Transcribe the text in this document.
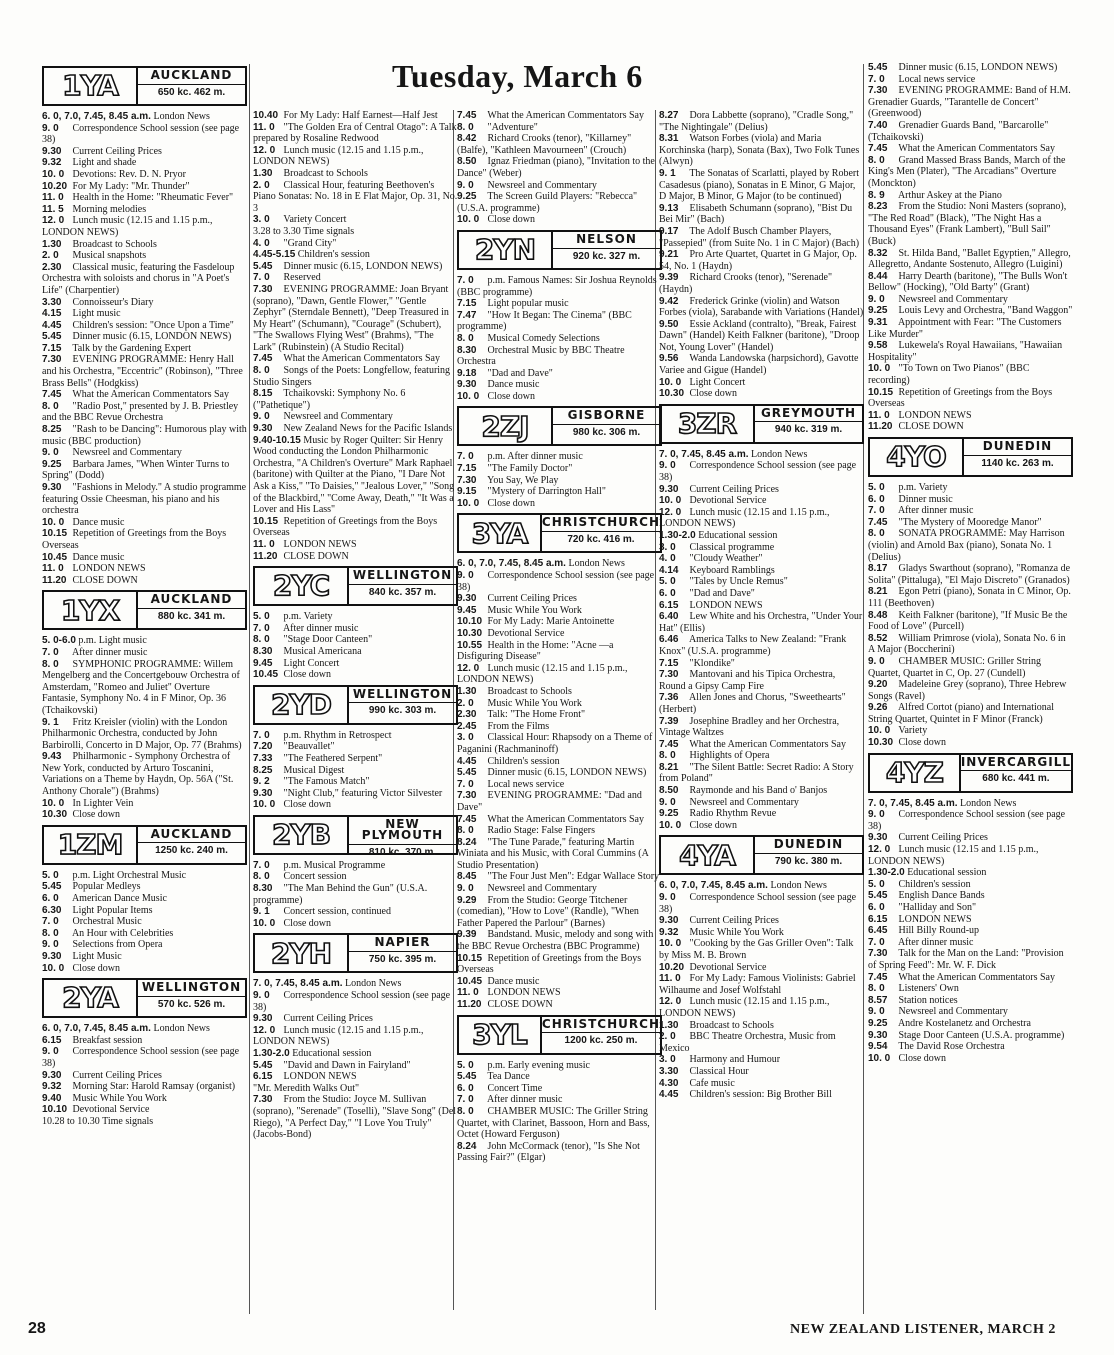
Tuesday, March 6
1YA	AUCKLAND
650 kc. 462 m.
6. 0, 7.0, 7.45, 8.45 a.m. London News
9. 0 Correspondence School session (see page 38)
9.30 Current Ceiling Prices
9.32 Light and shade
10. 0 Devotions: Rev. D. N. Pryor
10.20 For My Lady: "Mr. Thunder"
11. 0 Health in the Home: "Rheumatic Fever"
11. 5 Morning melodies
12. 0 Lunch music (12.15 and 1.15 p.m., LONDON NEWS)
1.30 Broadcast to Schools
2. 0 Musical snapshots
2.30 Classical music, featuring the Fasdeloup Orchestra with soloists and chorus in "A Poet's Life" (Charpentier)
3.30 Connoisseur's Diary
4.15 Light music
4.45 Children's session: "Once Upon a Time"
5.45 Dinner music (6.15, LONDON NEWS)
7.15 Talk by the Gardening Expert
7.30 EVENING PROGRAMME: Henry Hall and his Orchestra, "Eccentric" (Robinson), "Three Brass Bells" (Hodgkiss)
7.45 What the American Commentators Say
8. 0 "Radio Post," presented by J. B. Priestley and the BBC Revue Orchestra
8.25 "Rash to be Dancing": Humorous play with music (BBC production)
9. 0 Newsreel and Commentary
9.25 Barbara James, "When Winter Turns to Spring" (Dodd)
9.30 "Fashions in Melody." A studio programme featuring Ossie Cheesman, his piano and his orchestra
10. 0 Dance music
10.15 Repetition of Greetings from the Boys Overseas
10.45 Dance music
11. 0 LONDON NEWS
11.20 CLOSE DOWN
1YX	AUCKLAND
880 kc. 341 m.
5. 0-6.0 p.m. Light music
7. 0 After dinner music
8. 0 SYMPHONIC PROGRAMME: Willem Mengelberg and the Concertgebouw Orchestra of Amsterdam, "Romeo and Juliet" Overture Fantasie, Symphony No. 4 in F Minor, Op. 36 (Tchaikovski)
9. 1 Fritz Kreisler (violin) with the London Philharmonic Orchestra, conducted by John Barbirolli, Concerto in D Major, Op. 77 (Brahms)
9.43 Philharmonic - Symphony Orchestra of New York, conducted by Arturo Toscanini, Variations on a Theme by Haydn, Op. 56A ("St. Anthony Chorale") (Brahms)
10. 0 In Lighter Vein
10.30 Close down
1ZM	AUCKLAND
1250 kc. 240 m.
5. 0 p.m. Light Orchestral Music
5.45 Popular Medleys
6. 0 American Dance Music
6.30 Light Popular Items
7. 0 Orchestral Music
8. 0 An Hour with Celebrities
9. 0 Selections from Opera
9.30 Light Music
10. 0 Close down
2YA	WELLINGTON
570 kc. 526 m.
6. 0, 7.0, 7.45, 8.45 a.m. London News
6.15 Breakfast session
9. 0 Correspondence School session (see page 38)
9.30 Current Ceiling Prices
9.32 Morning Star: Harold Ramsay (organist)
9.40 Music While You Work
10.10 Devotional Service
10.28 to 10.30 Time signals
10.40 For My Lady: Half Earnest—Half Jest
11. 0 "The Golden Era of Central Otago": A Talk prepared by Rosaline Redwood
12. 0 Lunch music (12.15 and 1.15 p.m., LONDON NEWS)
1.30 Broadcast to Schools
2. 0 Classical Hour, featuring Beethoven's Piano Sonatas: No. 18 in E Flat Major, Op. 31, No. 3
3. 0 Variety Concert
3.28 to 3.30 Time signals
4. 0 "Grand City"
4.45-5.15 Children's session
5.45 Dinner music (6.15, LONDON NEWS)
7. 0 Reserved
7.30 EVENING PROGRAMME: Joan Bryant (soprano), "Dawn, Gentle Flower," "Gentle Zephyr" (Sterndale Bennett), "Deep Treasured in My Heart" (Schumann), "Courage" (Schubert), "The Swallows Flying West" (Brahms), "The Lark" (Rubinstein) (A Studio Recital)
7.45 What the American Commentators Say
8. 0 Songs of the Poets: Longfellow, featuring Studio Singers
8.15 Tchaikovski: Symphony No. 6 ("Pathetique")
9. 0 Newsreel and Commentary
9.30 New Zealand News for the Pacific Islands
9.40-10.15 Music by Roger Quilter: Sir Henry Wood conducting the London Philharmonic Orchestra, "A Children's Overture" Mark Raphael (baritone) with Quilter at the Piano, "I Dare Not Ask a Kiss," "To Daisies," "Jealous Lover," "Song of the Blackbird," "Come Away, Death," "It Was a Lover and His Lass"
10.15 Repetition of Greetings from the Boys Overseas
11. 0 LONDON NEWS
11.20 CLOSE DOWN
2YC	WELLINGTON
840 kc. 357 m.
5. 0 p.m. Variety
7. 0 After dinner music
8. 0 "Stage Door Canteen"
8.30 Musical Americana
9.45 Light Concert
10.45 Close down
2YD	WELLINGTON
990 kc. 303 m.
7. 0 p.m. Rhythm in Retrospect
7.20 "Beauvallet"
7.33 "The Feathered Serpent"
8.25 Musical Digest
9. 2 "The Famous Match"
9.30 "Night Club," featuring Victor Silvester
10. 0 Close down
2YB	NEW PLYMOUTH
810 kc. 370 m.
7. 0 p.m. Musical Programme
8. 0 Concert session
8.30 "The Man Behind the Gun" (U.S.A. programme)
9. 1 Concert session, continued
10. 0 Close down
2YH	NAPIER
750 kc. 395 m.
7. 0, 7.45, 8.45 a.m. London News
9. 0 Correspondence School session (see page 38)
9.30 Current Ceiling Prices
12. 0 Lunch music (12.15 and 1.15 p.m., LONDON NEWS)
1.30-2.0 Educational session
5.45 "David and Dawn in Fairyland"
6.15 LONDON NEWS
"Mr. Meredith Walks Out"
7.30 From the Studio: Joyce M. Sullivan (soprano), "Serenade" (Toselli), "Slave Song" (Del Riego), "A Perfect Day," "I Love You Truly" (Jacobs-Bond)
7.45 What the American Commentators Say
8. 0 "Adventure"
8.42 Richard Crooks (tenor), "Killarney" (Balfe), "Kathleen Mavourneen" (Crouch)
8.50 Ignaz Friedman (piano), "Invitation to the Dance" (Weber)
9. 0 Newsreel and Commentary
9.25 The Screen Guild Players: "Rebecca" (U.S.A. programme)
10. 0 Close down
2YN	NELSON
920 kc. 327 m.
7. 0 p.m. Famous Names: Sir Joshua Reynolds (BBC programme)
7.15 Light popular music
7.47 "How It Began: The Cinema" (BBC programme)
8. 0 Musical Comedy Selections
8.30 Orchestral Music by BBC Theatre Orchestra
9.18 "Dad and Dave"
9.30 Dance music
10. 0 Close down
2ZJ	GISBORNE
980 kc. 306 m.
7. 0 p.m. After dinner music
7.15 "The Family Doctor"
7.30 You Say, We Play
9.15 "Mystery of Darrington Hall"
10. 0 Close down
3YA	CHRISTCHURCH
720 kc. 416 m.
6. 0, 7.0, 7.45, 8.45 a.m. London News
9. 0 Correspondence School session (see page 38)
9.30 Current Ceiling Prices
9.45 Music While You Work
10.10 For My Lady: Marie Antoinette
10.30 Devotional Service
10.55 Health in the Home: "Acne —a Disfiguring Disease"
12. 0 Lunch music (12.15 and 1.15 p.m., LONDON NEWS)
1.30 Broadcast to Schools
2. 0 Music While You Work
2.30 Talk: "The Home Front"
2.45 From the Films
3. 0 Classical Hour: Rhapsody on a Theme of Paganini (Rachmaninoff)
4.45 Children's session
5.45 Dinner music (6.15, LONDON NEWS)
7. 0 Local news service
7.30 EVENING PROGRAMME: "Dad and Dave"
7.45 What the American Commentators Say
8. 0 Radio Stage: False Fingers
8.24 "The Tune Parade," featuring Martin Winiata and his Music, with Coral Cummins (A Studio Presentation)
8.45 "The Four Just Men": Edgar Wallace Story
9. 0 Newsreel and Commentary
9.29 From the Studio: George Titchener (comedian), "How to Love" (Randle), "When Father Papered the Parlour" (Barnes)
9.39 Bandstand. Music, melody and song with the BBC Revue Orchestra (BBC Programme)
10.15 Repetition of Greetings from the Boys Overseas
10.45 Dance music
11. 0 LONDON NEWS
11.20 CLOSE DOWN
3YL	CHRISTCHURCH
1200 kc. 250 m.
5. 0 p.m. Early evening music
5.45 Tea Dance
6. 0 Concert Time
7. 0 After dinner music
8. 0 CHAMBER MUSIC: The Griller String Quartet, with Clarinet, Bassoon, Horn and Bass, Octet (Howard Ferguson)
8.24 John McCormack (tenor), "Is She Not Passing Fair?" (Elgar)
8.27 Dora Labbette (soprano), "Cradle Song," "The Nightingale" (Delius)
8.31 Watson Forbes (viola) and Maria Korchinska (harp), Sonata (Bax), Two Folk Tunes (Alwyn)
9. 1 The Sonatas of Scarlatti, played by Robert Casadesus (piano), Sonatas in E Minor, G Major, D Major, B Minor, G Major (to be continued)
9.13 Elisabeth Schumann (soprano), "Bist Du Bei Mir" (Bach)
9.17 The Adolf Busch Chamber Players, "Passepied" (from Suite No. 1 in C Major) (Bach)
9.21 Pro Arte Quartet, Quartet in G Major, Op. 54, No. 1 (Haydn)
9.39 Richard Crooks (tenor), "Serenade" (Haydn)
9.42 Frederick Grinke (violin) and Watson Forbes (viola), Sarabande with Variations (Handel)
9.50 Essie Ackland (contralto), "Break, Fairest Dawn" (Handel) Keith Falkner (baritone), "Droop Not, Young Lover" (Handel)
9.56 Wanda Landowska (harpsichord), Gavotte Variee and Gigue (Handel)
10. 0 Light Concert
10.30 Close down
3ZR	GREYMOUTH
940 kc. 319 m.
7. 0, 7.45, 8.45 a.m. London News
9. 0 Correspondence School session (see page 38)
9.30 Current Ceiling Prices
10. 0 Devotional Service
12. 0 Lunch music (12.15 and 1.15 p.m., LONDON NEWS)
1.30-2.0 Educational session
3. 0 Classical programme
4. 0 "Cloudy Weather"
4.14 Keyboard Ramblings
5. 0 "Tales by Uncle Remus"
6. 0 "Dad and Dave"
6.15 LONDON NEWS
6.40 Lew White and his Orchestra, "Under Your Hat" (Ellis)
6.46 America Talks to New Zealand: "Frank Knox" (U.S.A. programme)
7.15 "Klondike"
7.30 Mantovani and his Tipica Orchestra, Round a Gipsy Camp Fire
7.36 Allen Jones and Chorus, "Sweethearts" (Herbert)
7.39 Josephine Bradley and her Orchestra, Vintage Waltzes
7.45 What the American Commentators Say
8. 0 Highlights of Opera
8.21 "The Silent Battle: Secret Radio: A Story from Poland"
8.50 Raymonde and his Band o' Banjos
9. 0 Newsreel and Commentary
9.25 Radio Rhythm Revue
10. 0 Close down
4YA	DUNEDIN
790 kc. 380 m.
6. 0, 7.0, 7.45, 8.45 a.m. London News
9. 0 Correspondence School session (see page 38)
9.30 Current Ceiling Prices
9.32 Music While You Work
10. 0 "Cooking by the Gas Griller Oven": Talk by Miss M. B. Brown
10.20 Devotional Service
11. 0 For My Lady: Famous Violinists: Gabriel Wilhaume and Josef Wolfstahl
12. 0 Lunch music (12.15 and 1.15 p.m., LONDON NEWS)
1.30 Broadcast to Schools
2. 0 BBC Theatre Orchestra, Music from Mexico
3. 0 Harmony and Humour
3.30 Classical Hour
4.30 Cafe music
4.45 Children's session: Big Brother Bill
5.45 Dinner music (6.15, LONDON NEWS)
7. 0 Local news service
7.30 EVENING PROGRAMME: Band of H.M. Grenadier Guards, "Tarantelle de Concert" (Greenwood)
7.40 Grenadier Guards Band, "Barcarolle" (Tchaikovski)
7.45 What the American Commentators Say
8. 0 Grand Massed Brass Bands, March of the King's Men (Plater), "The Arcadians" Overture (Monckton)
8. 9 Arthur Askey at the Piano
8.23 From the Studio: Noni Masters (soprano), "The Red Road" (Black), "The Night Has a Thousand Eyes" (Frank Lambert), "Bull Sail" (Buck)
8.32 St. Hilda Band, "Ballet Egyptien," Allegro, Allegretto, Andante Sostenuto, Allegro (Luigini)
8.44 Harry Dearth (baritone), "The Bulls Won't Bellow" (Hocking), "Old Barty" (Grant)
9. 0 Newsreel and Commentary
9.25 Louis Levy and Orchestra, "Band Waggon"
9.31 Appointment with Fear: "The Customers Like Murder"
9.58 Lukewela's Royal Hawaiians, "Hawaiian Hospitality"
10. 0 "To Town on Two Pianos" (BBC recording)
10.15 Repetition of Greetings from the Boys Overseas
11. 0 LONDON NEWS
11.20 CLOSE DOWN
4YO	DUNEDIN
1140 kc. 263 m.
5. 0 p.m. Variety
6. 0 Dinner music
7. 0 After dinner music
7.45 "The Mystery of Mooredge Manor"
8. 0 SONATA PROGRAMME: May Harrison (violin) and Arnold Bax (piano), Sonata No. 1 (Delius)
8.17 Gladys Swarthout (soprano), "Romanza de Solita" (Pittaluga), "El Majo Discreto" (Granados)
8.21 Egon Petri (piano), Sonata in C Minor, Op. 111 (Beethoven)
8.48 Keith Falkner (baritone), "If Music Be the Food of Love" (Purcell)
8.52 William Primrose (viola), Sonata No. 6 in A Major (Boccherini)
9. 0 CHAMBER MUSIC: Griller String Quartet, Quartet in C, Op. 27 (Cundell)
9.20 Madeleine Grey (soprano), Three Hebrew Songs (Ravel)
9.26 Alfred Cortot (piano) and International String Quartet, Quintet in F Minor (Franck)
10. 0 Variety
10.30 Close down
4YZ	INVERCARGILL
680 kc. 441 m.
7. 0, 7.45, 8.45 a.m. London News
9. 0 Correspondence School session (see page 38)
9.30 Current Ceiling Prices
12. 0 Lunch music (12.15 and 1.15 p.m., LONDON NEWS)
1.30-2.0 Educational session
5. 0 Children's session
5.45 English Dance Bands
6. 0 "Halliday and Son"
6.15 LONDON NEWS
6.45 Hill Billy Round-up
7. 0 After dinner music
7.30 Talk for the Man on the Land: "Provision of Spring Feed": Mr. W. F. Dick
7.45 What the American Commentators Say
8. 0 Listeners' Own
8.57 Station notices
9. 0 Newsreel and Commentary
9.25 Andre Kostelanetz and Orchestra
9.30 Stage Door Canteen (U.S.A. programme)
9.54 The David Rose Orchestra
10. 0 Close down
28	NEW ZEALAND LISTENER, MARCH 2
